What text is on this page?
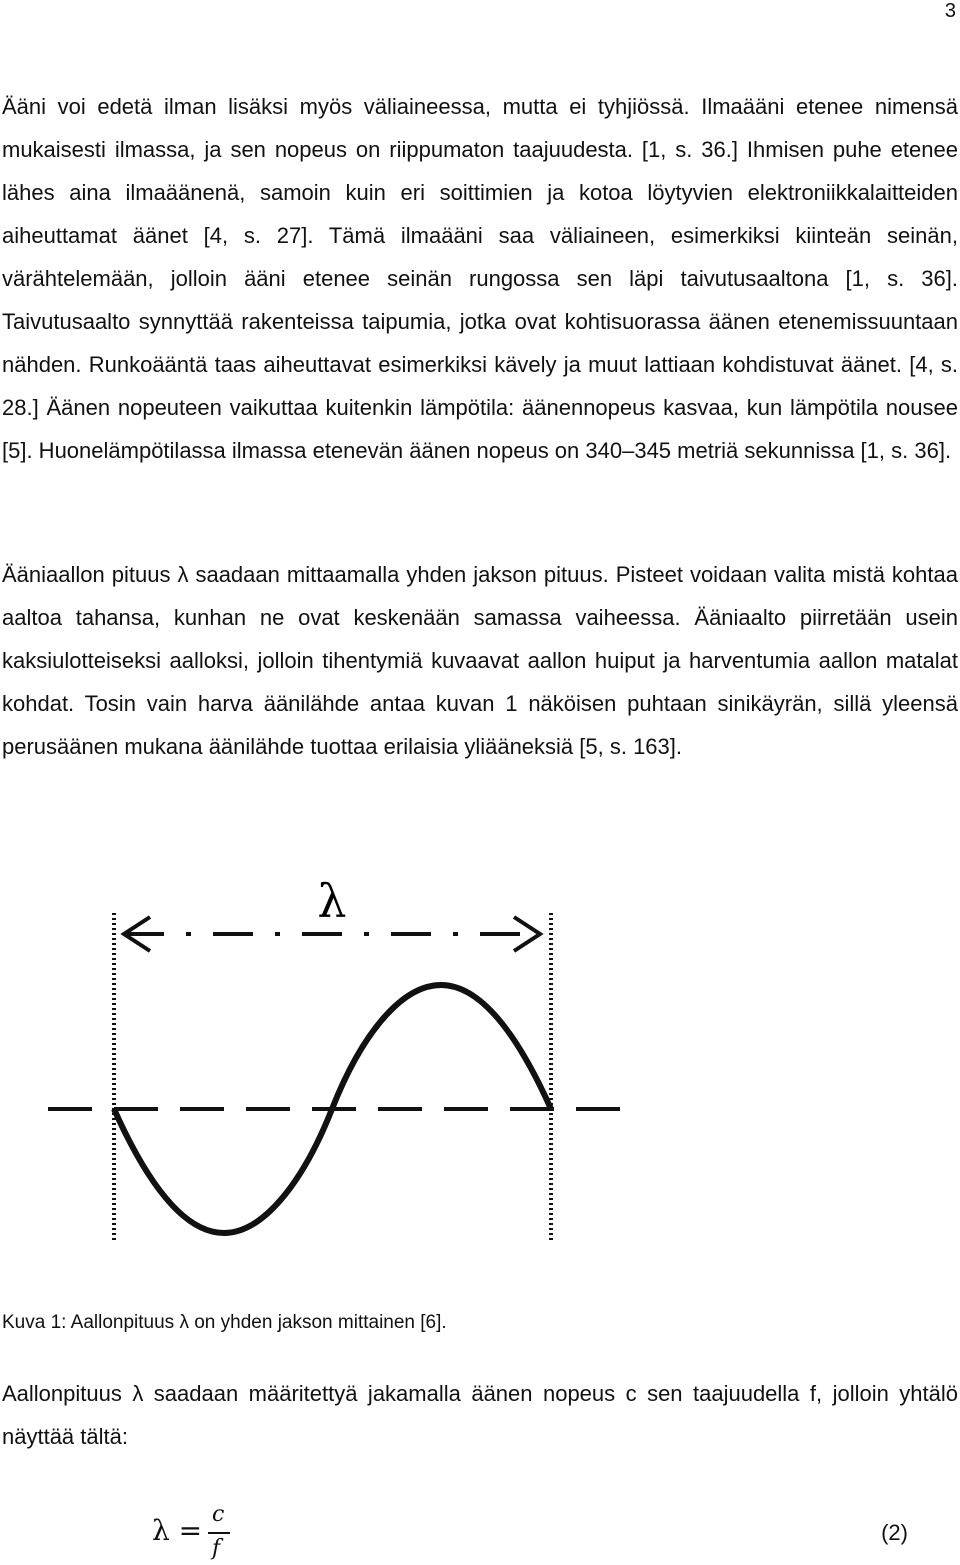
3

Ääni voi edetä ilman lisäksi myös väliaineessa, mutta ei tyhjiössä. Ilmaääni etenee nimensä mukaisesti ilmassa, ja sen nopeus on riippumaton taajuudesta. [1, s. 36.] Ihmisen puhe etenee lähes aina ilmaäänenä, samoin kuin eri soittimien ja kotoa löytyvien elektroniikkalaitteiden aiheuttamat äänet [4, s. 27]. Tämä ilmaääni saa väliaineen, esimerkiksi kiinteän seinän, värähtelemään, jolloin ääni etenee seinän rungossa sen läpi taivutusaaltona [1, s. 36]. Taivutusaalto synnyttää rakenteissa taipumia, jotka ovat kohtisuorassa äänen etenemissuuntaan nähden. Runkoääntä taas aiheuttavat esimerkiksi kävely ja muut lattiaan kohdistuvat äänet. [4, s. 28.] Äänen nopeuteen vaikuttaa kuitenkin lämpötila: äänennopeus kasvaa, kun lämpötila nousee [5]. Huonelämpötilassa ilmassa etenevän äänen nopeus on 340–345 metriä sekunnissa [1, s. 36].

Ääniaallon pituus λ saadaan mittaamalla yhden jakson pituus. Pisteet voidaan valita mistä kohtaa aaltoa tahansa, kunhan ne ovat keskenään samassa vaiheessa. Ääniaalto piirretään usein kaksiulotteiseksi aalloksi, jolloin tihentymiä kuvaavat aallon huiput ja harventumia aallon matalat kohdat. Tosin vain harva äänilähde antaa kuvan 1 näköisen puhtaan sinikäyrän, sillä yleensä perusäänen mukana äänilähde tuottaa erilaisia yliääneksiä [5, s. 163].

λ
Kuva 1: Aallonpituus λ on yhden jakson mittainen [6].

Aallonpituus λ saadaan määritettyä jakamalla äänen nopeus c sen taajuudella f, jolloin yhtälö näyttää tältä:

λ = c
f
(2)
